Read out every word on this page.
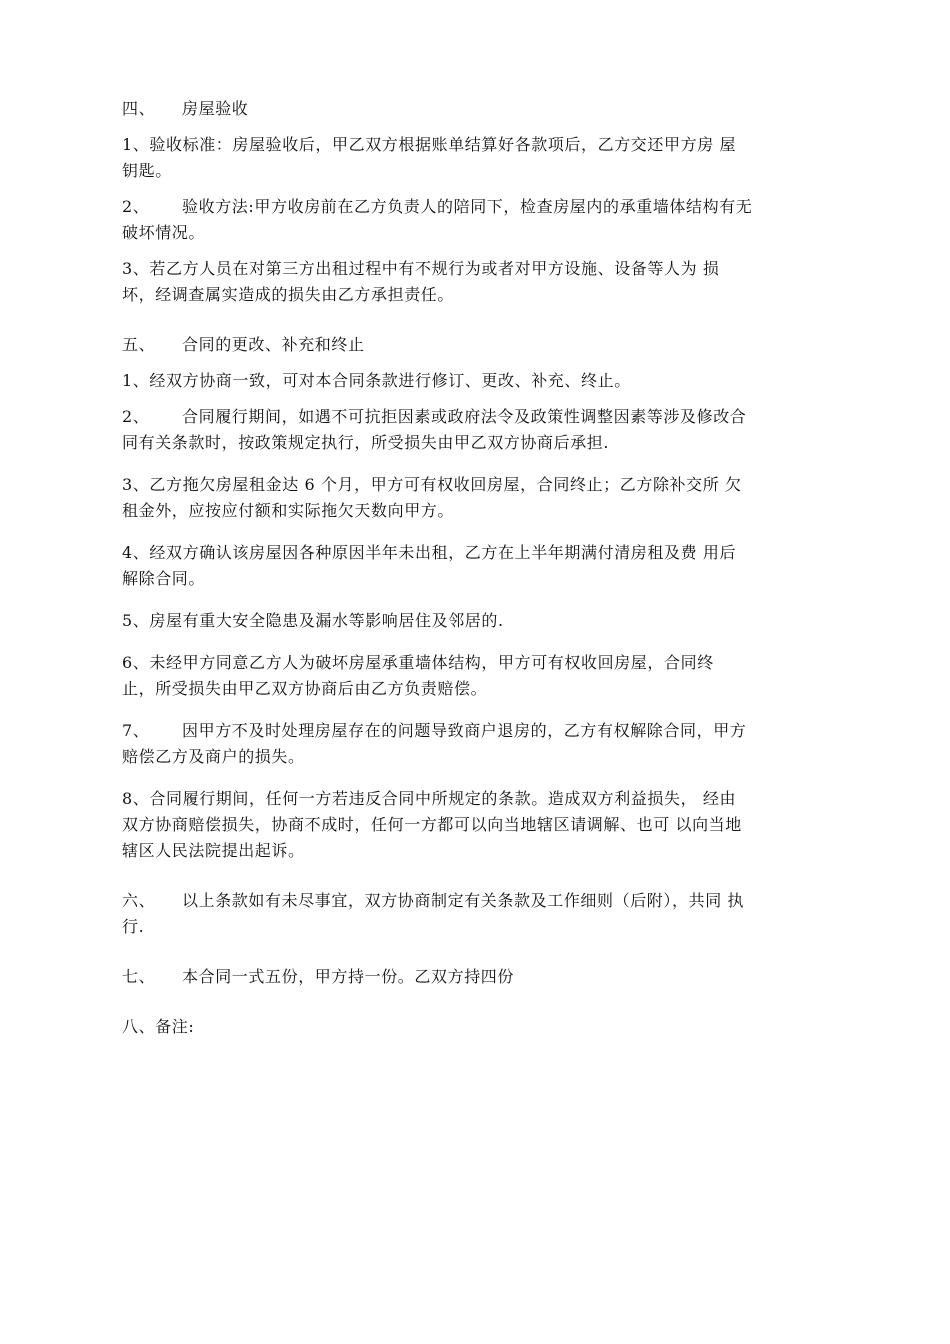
四、 房屋验收
1、验收标准：房屋验收后，甲乙双方根据账单结算好各款项后，乙方交还甲方房 屋
钥匙。
2、 验收方法:甲方收房前在乙方负责人的陪同下，检查房屋内的承重墙体结构有无
破坏情况。
3、若乙方人员在对第三方出租过程中有不规行为或者对甲方设施、设备等人为 损
坏，经调查属实造成的损失由乙方承担责任。
五、 合同的更改、补充和终止
1、经双方协商一致，可对本合同条款进行修订、更改、补充、终止。
2、 合同履行期间，如遇不可抗拒因素或政府法令及政策性调整因素等涉及修改合
同有关条款时，按政策规定执行，所受损失由甲乙双方协商后承担.
3、乙方拖欠房屋租金达 6 个月，甲方可有权收回房屋，合同终止；乙方除补交所 欠
租金外，应按应付额和实际拖欠天数向甲方。
4、经双方确认该房屋因各种原因半年未出租，乙方在上半年期满付清房租及费 用后
解除合同。
5、房屋有重大安全隐患及漏水等影响居住及邻居的.
6、未经甲方同意乙方人为破坏房屋承重墙体结构，甲方可有权收回房屋，合同终
止，所受损失由甲乙双方协商后由乙方负责赔偿。
7、 因甲方不及时处理房屋存在的问题导致商户退房的，乙方有权解除合同，甲方
赔偿乙方及商户的损失。
8、合同履行期间，任何一方若违反合同中所规定的条款。造成双方利益损失， 经由
双方协商赔偿损失，协商不成时，任何一方都可以向当地辖区请调解、也可 以向当地
辖区人民法院提出起诉。
六、 以上条款如有未尽事宜，双方协商制定有关条款及工作细则（后附），共同 执
行.
七、 本合同一式五份，甲方持一份。乙双方持四份
八、备注:
